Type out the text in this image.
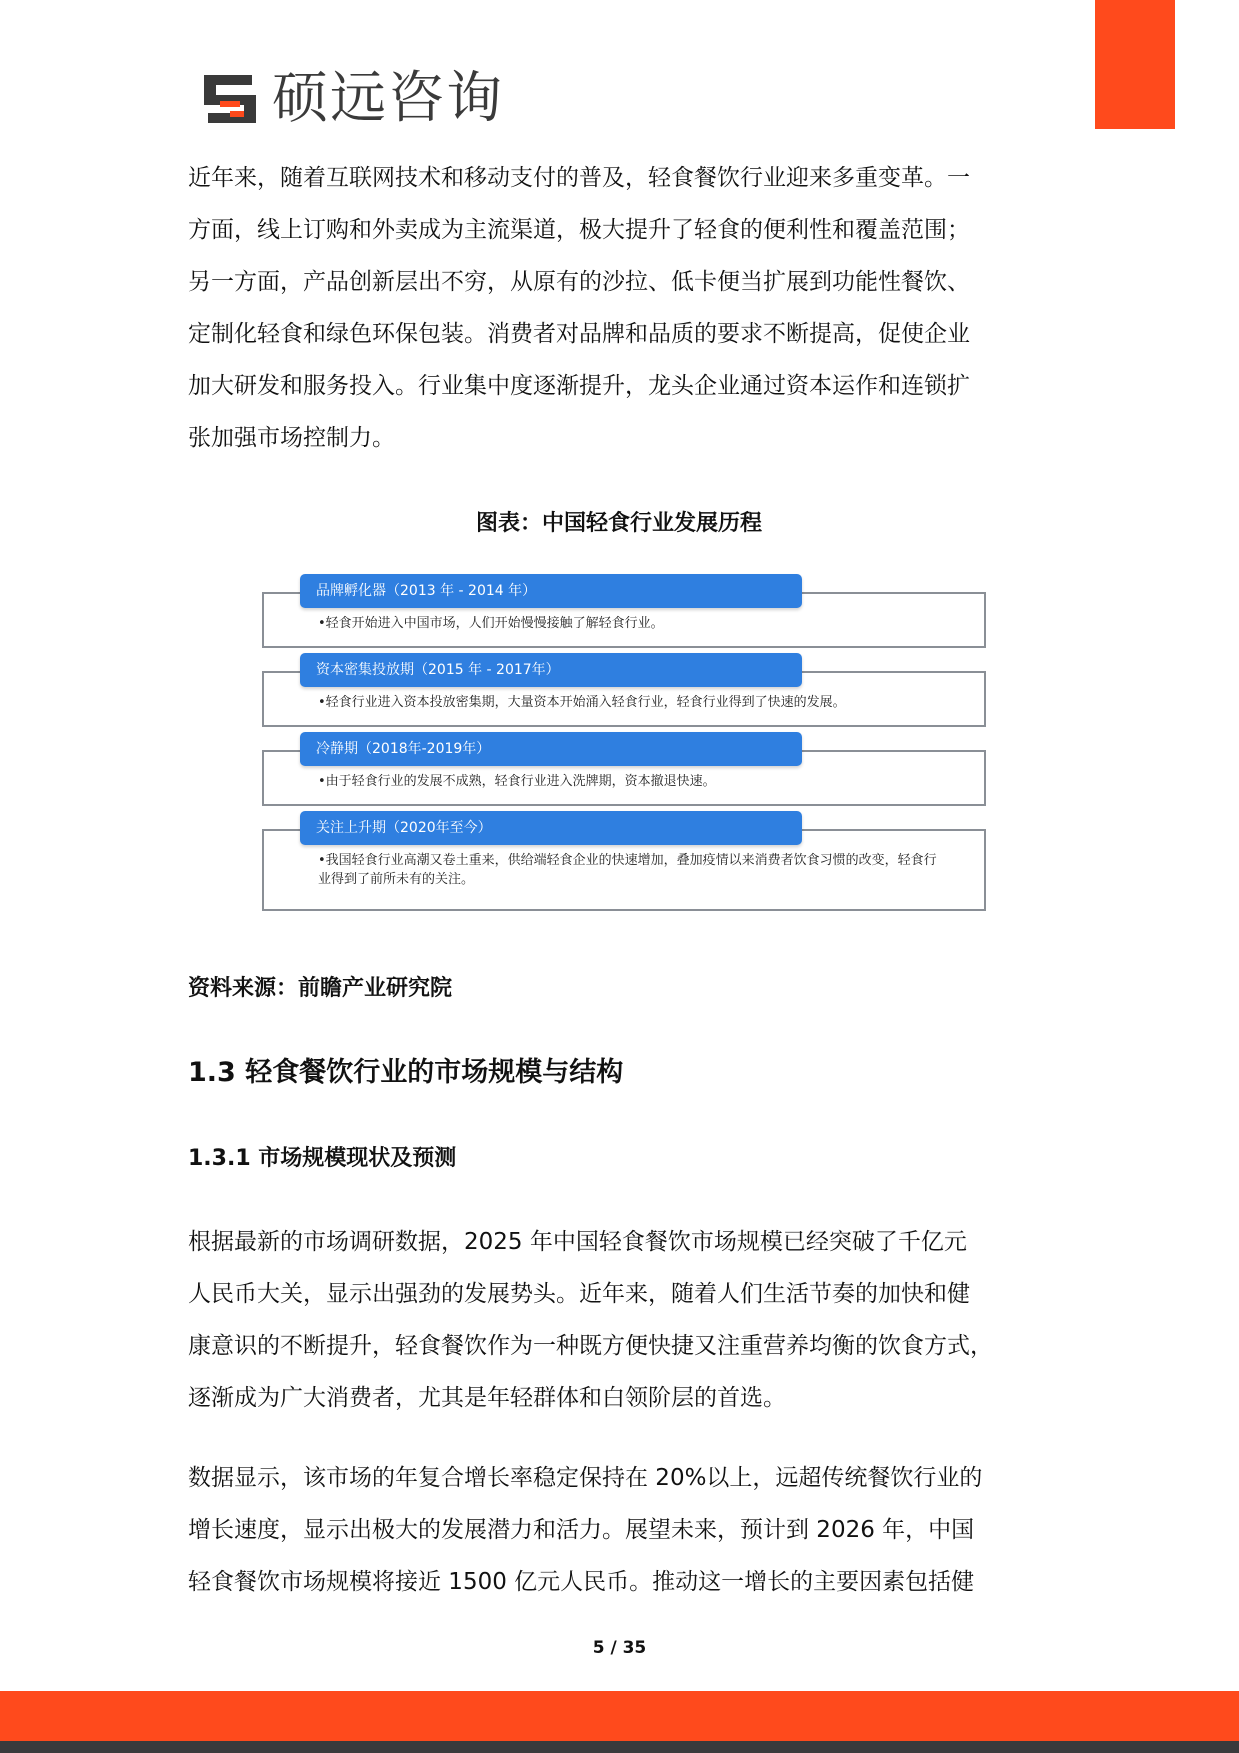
硕远咨询

近年来，随着互联网技术和移动支付的普及，轻食餐饮行业迎来多重变革。一
方面，线上订购和外卖成为主流渠道，极大提升了轻食的便利性和覆盖范围；
另一方面，产品创新层出不穷，从原有的沙拉、低卡便当扩展到功能性餐饮、
定制化轻食和绿色环保包装。消费者对品牌和品质的要求不断提高，促使企业
加大研发和服务投入。行业集中度逐渐提升，龙头企业通过资本运作和连锁扩
张加强市场控制力。

图表：中国轻食行业发展历程
品牌孵化器（2013 年 - 2014 年）
•轻食开始进入中国市场，人们开始慢慢接触了解轻食行业。
资本密集投放期（2015 年 - 2017年）
•轻食行业进入资本投放密集期，大量资本开始涌入轻食行业，轻食行业得到了快速的发展。
冷静期（2018年-2019年）
•由于轻食行业的发展不成熟，轻食行业进入洗牌期，资本撤退快速。
关注上升期（2020年至今）
•我国轻食行业高潮又卷土重来，供给端轻食企业的快速增加，叠加疫情以来消费者饮食习惯的改变，轻食行业得到了前所未有的关注。
资料来源：前瞻产业研究院
1.3 轻食餐饮行业的市场规模与结构
1.3.1 市场规模现状及预测

根据最新的市场调研数据，2025 年中国轻食餐饮市场规模已经突破了千亿元
人民币大关，显示出强劲的发展势头。近年来，随着人们生活节奏的加快和健
康意识的不断提升，轻食餐饮作为一种既方便快捷又注重营养均衡的饮食方式，
逐渐成为广大消费者，尤其是年轻群体和白领阶层的首选。

数据显示，该市场的年复合增长率稳定保持在 20%以上，远超传统餐饮行业的
增长速度，显示出极大的发展潜力和活力。展望未来，预计到 2026 年，中国
轻食餐饮市场规模将接近 1500 亿元人民币。推动这一增长的主要因素包括健

5 / 35
